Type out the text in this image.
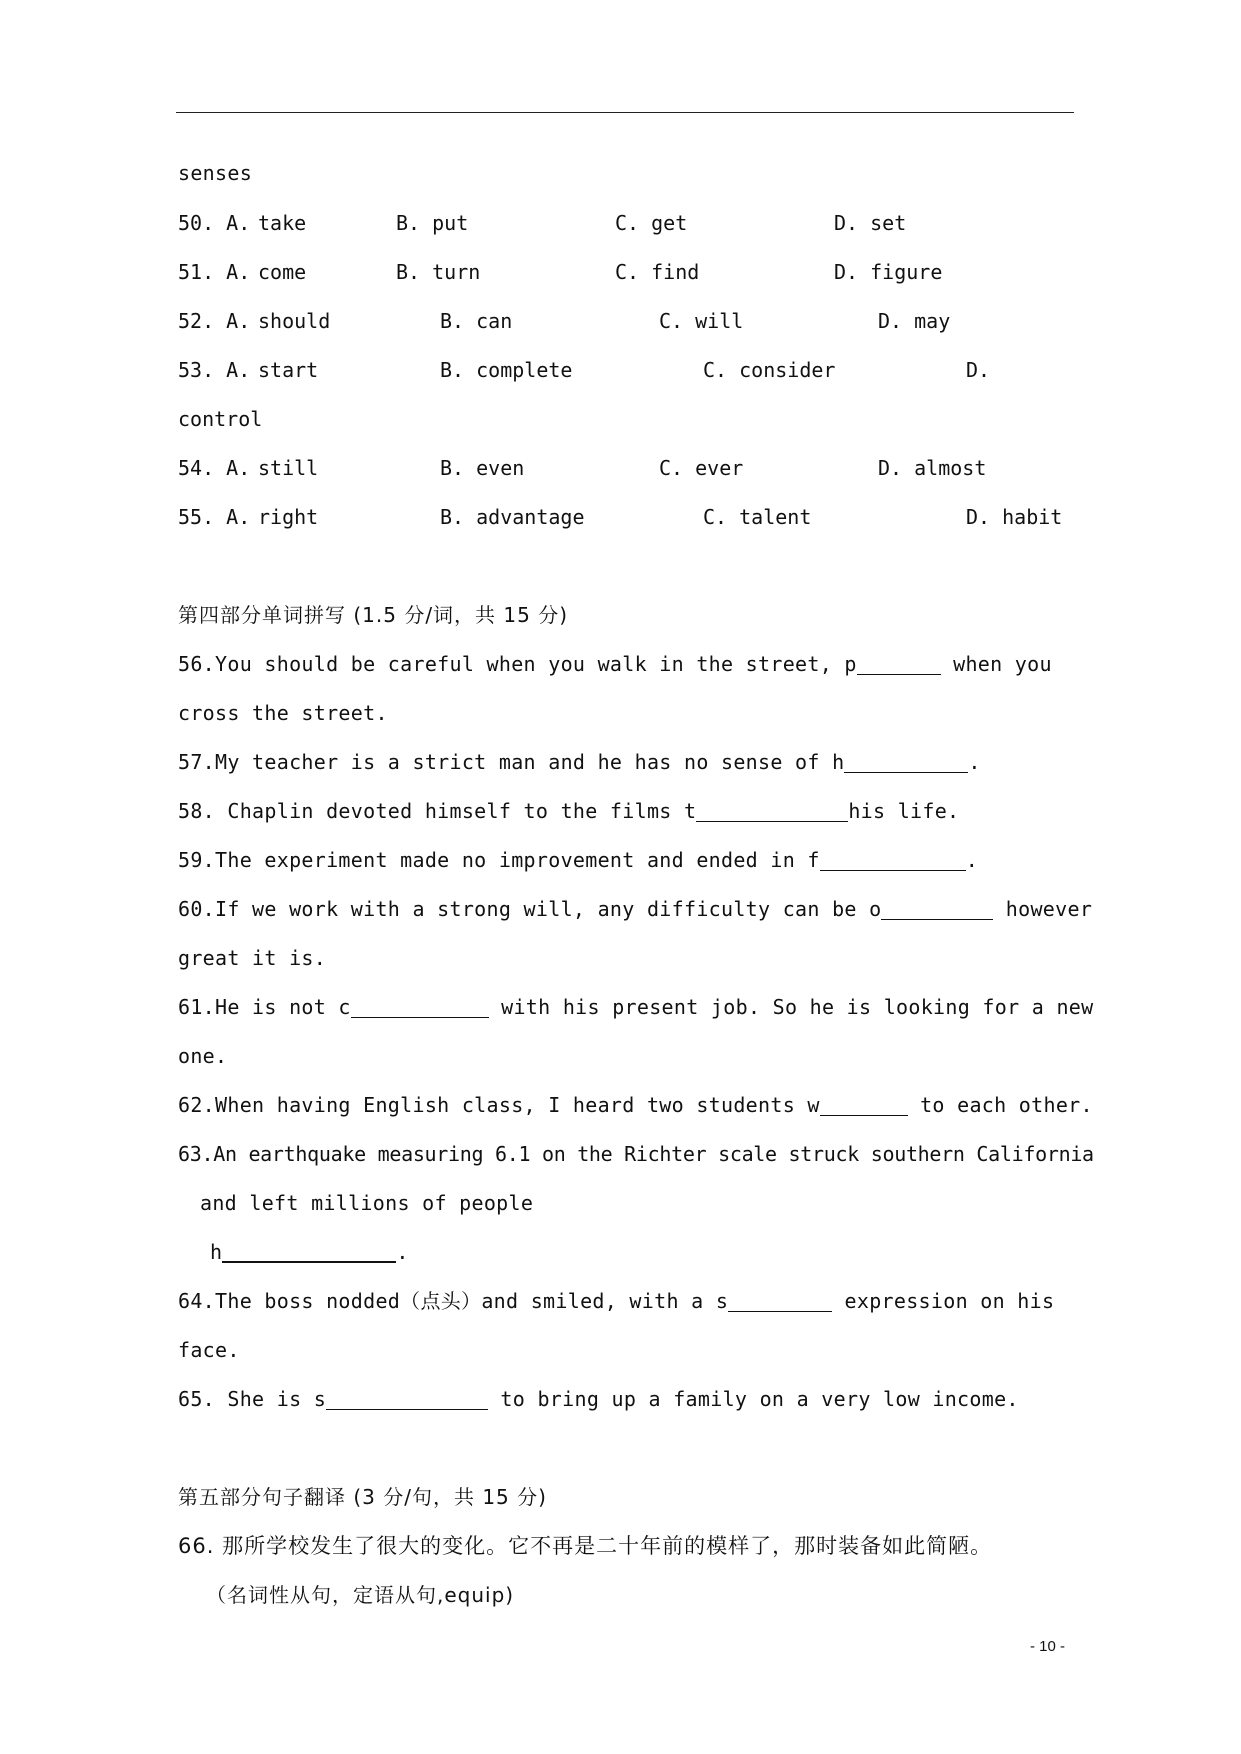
senses
50. A. take	B. put	C. get	D. set
51. A. come	B. turn	C. find	D. figure
52. A. should	B. can	C. will	D. may
53. A. start	B. complete	C. consider	D.
control
54. A. still	B. even	C. ever	D. almost
55. A. right	B. advantage	C. talent	D. habit
第四部分单词拼写 (1.5 分/词，共 15 分)
56.You should be careful when you walk in the street, p	when you
cross the street.
57.My teacher is a strict man and he has no sense of h	.
58. Chaplin devoted himself to the films t	his life.
59.The experiment made no improvement and ended in f	.
60.If we work with a strong will, any difficulty can be o	however
great it is.
61.He is not c	with his present job. So he is looking for a new
one.
62.When having English class, I heard two students w	to each other.
63.An earthquake measuring 6.1 on the Richter scale struck southern California
and left millions of people
h	.
64.The boss nodded（点头）and smiled, with a s	expression on his
face.
65. She is s	to bring up a family on a very low income.
第五部分句子翻译 (3 分/句，共 15 分)
66. 那所学校发生了很大的变化。它不再是二十年前的模样了，那时装备如此简陋。
（名词性从句，定语从句,equip)
- 10 -
